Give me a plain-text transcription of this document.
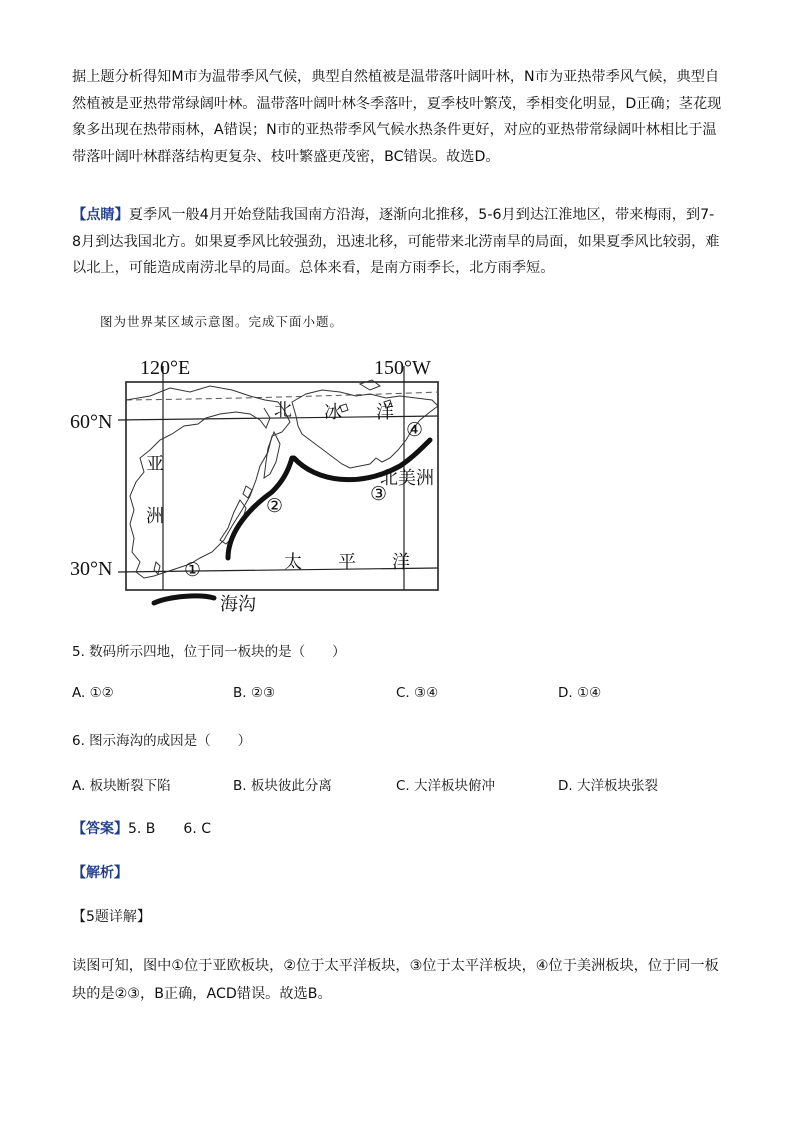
据上题分析得知M市为温带季风气候，典型自然植被是温带落叶阔叶林，N市为亚热带季风气候，典型自然植被是亚热带常绿阔叶林。温带落叶阔叶林冬季落叶，夏季枝叶繁茂，季相变化明显，D正确；茎花现象多出现在热带雨林，A错误；N市的亚热带季风气候水热条件更好，对应的亚热带常绿阔叶林相比于温带落叶阔叶林群落结构更复杂、枝叶繁盛更茂密，BC错误。故选D。
【点睛】夏季风一般4月开始登陆我国南方沿海，逐渐向北推移，5-6月到达江淮地区，带来梅雨，到7-8月到达我国北方。如果夏季风比较强劲，迅速北移，可能带来北涝南旱的局面，如果夏季风比较弱，难以北上，可能造成南涝北旱的局面。总体来看，是南方雨季长，北方雨季短。
图为世界某区域示意图。完成下面小题。
120°E	150°W
60°N
30°N
北 冰 洋
亚
洲
北美洲
太 平 洋
①
②
③
④
海沟
5. 数码所示四地，位于同一板块的是（　　）
A. ①②	B. ②③	C. ③④	D. ①④
6. 图示海沟的成因是（　　）
A. 板块断裂下陷	B. 板块彼此分离	C. 大洋板块俯冲	D. 大洋板块张裂
【答案】5. B　　6. C
【解析】
【5题详解】
读图可知，图中①位于亚欧板块，②位于太平洋板块，③位于太平洋板块，④位于美洲板块，位于同一板块的是②③，B正确，ACD错误。故选B。
